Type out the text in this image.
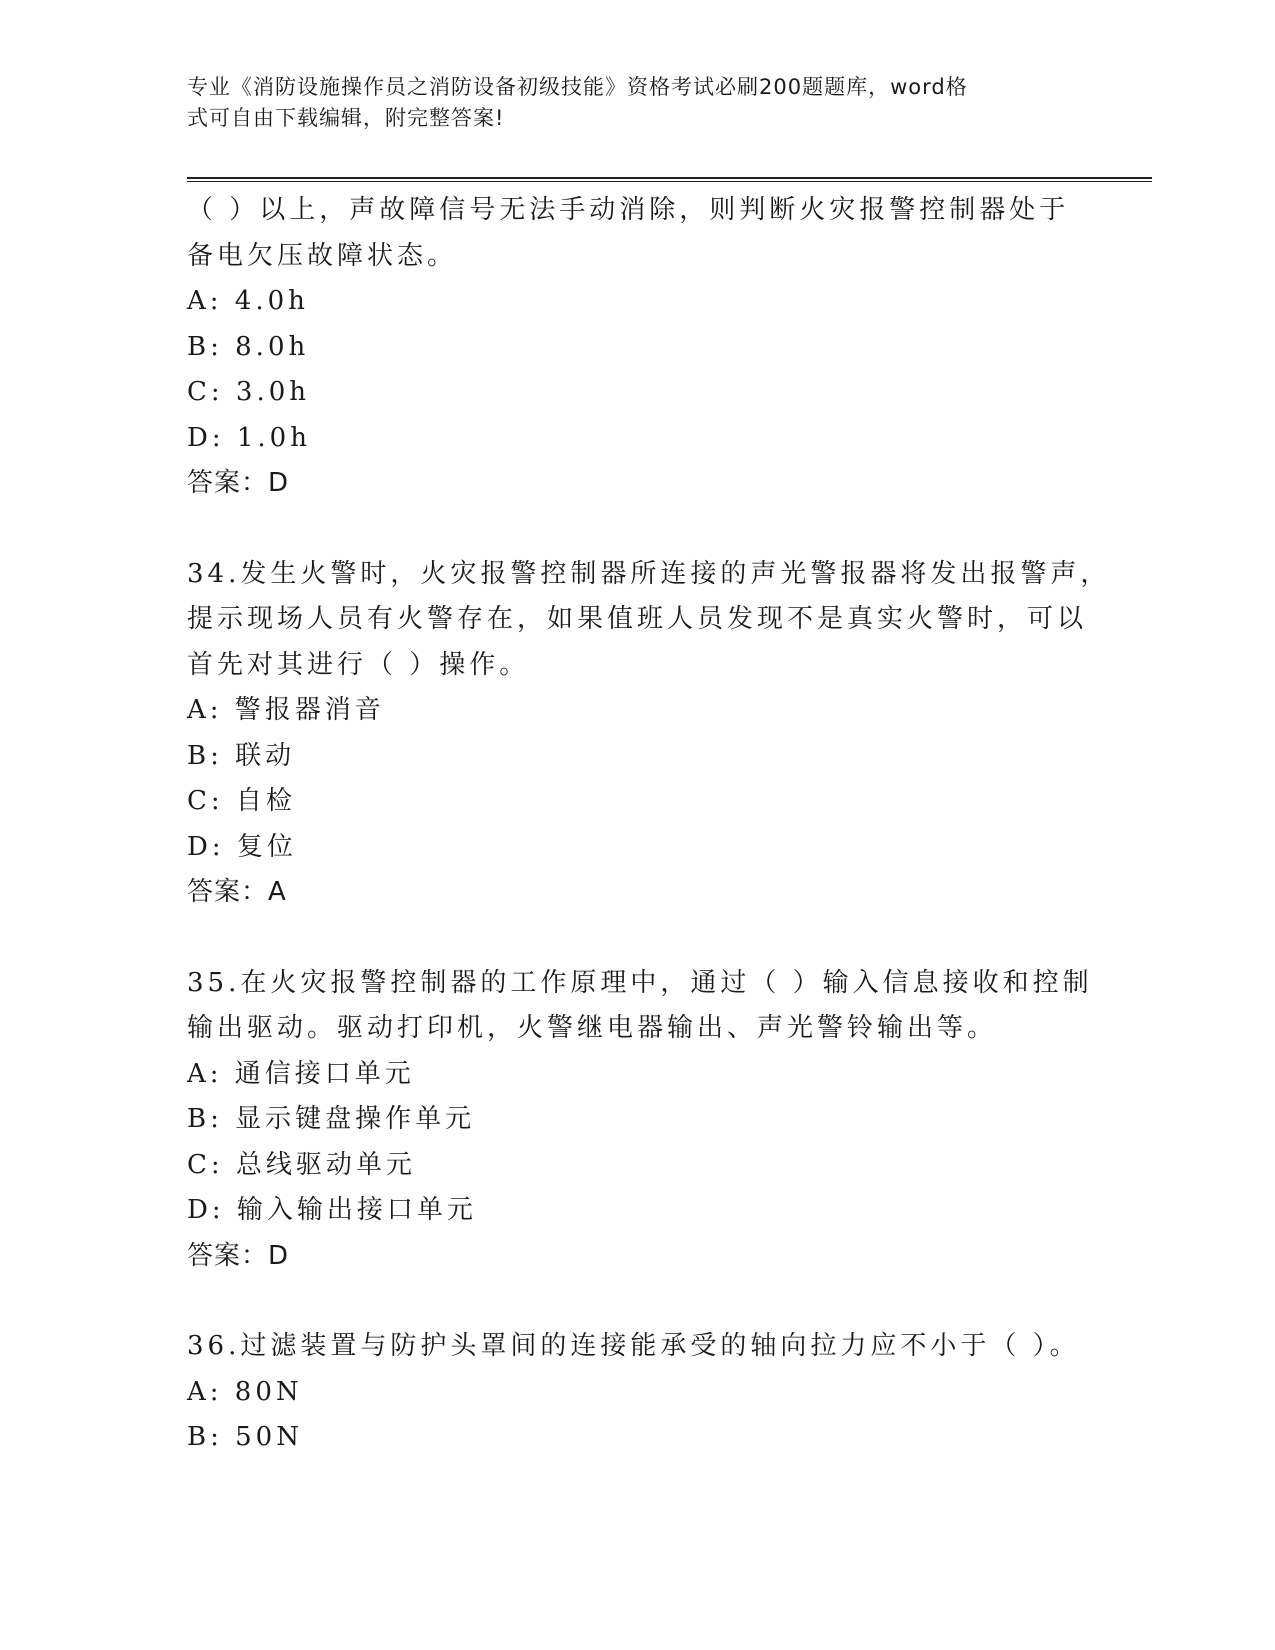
专业《消防设施操作员之消防设备初级技能》资格考试必刷200题题库，word格
式可自由下载编辑，附完整答案!
（ ）以上，声故障信号无法手动消除，则判断火灾报警控制器处于
备电欠压故障状态。
A: 4.0h
B: 8.0h
C: 3.0h
D: 1.0h
答案：D
34.发生火警时，火灾报警控制器所连接的声光警报器将发出报警声，
提示现场人员有火警存在，如果值班人员发现不是真实火警时，可以
首先对其进行（ ）操作。
A: 警报器消音
B: 联动
C: 自检
D: 复位
答案：A
35.在火灾报警控制器的工作原理中，通过（ ）输入信息接收和控制
输出驱动。驱动打印机，火警继电器输出、声光警铃输出等。
A: 通信接口单元
B: 显示键盘操作单元
C: 总线驱动单元
D: 输入输出接口单元
答案：D
36.过滤装置与防护头罩间的连接能承受的轴向拉力应不小于（ ）。
A: 80N
B: 50N
